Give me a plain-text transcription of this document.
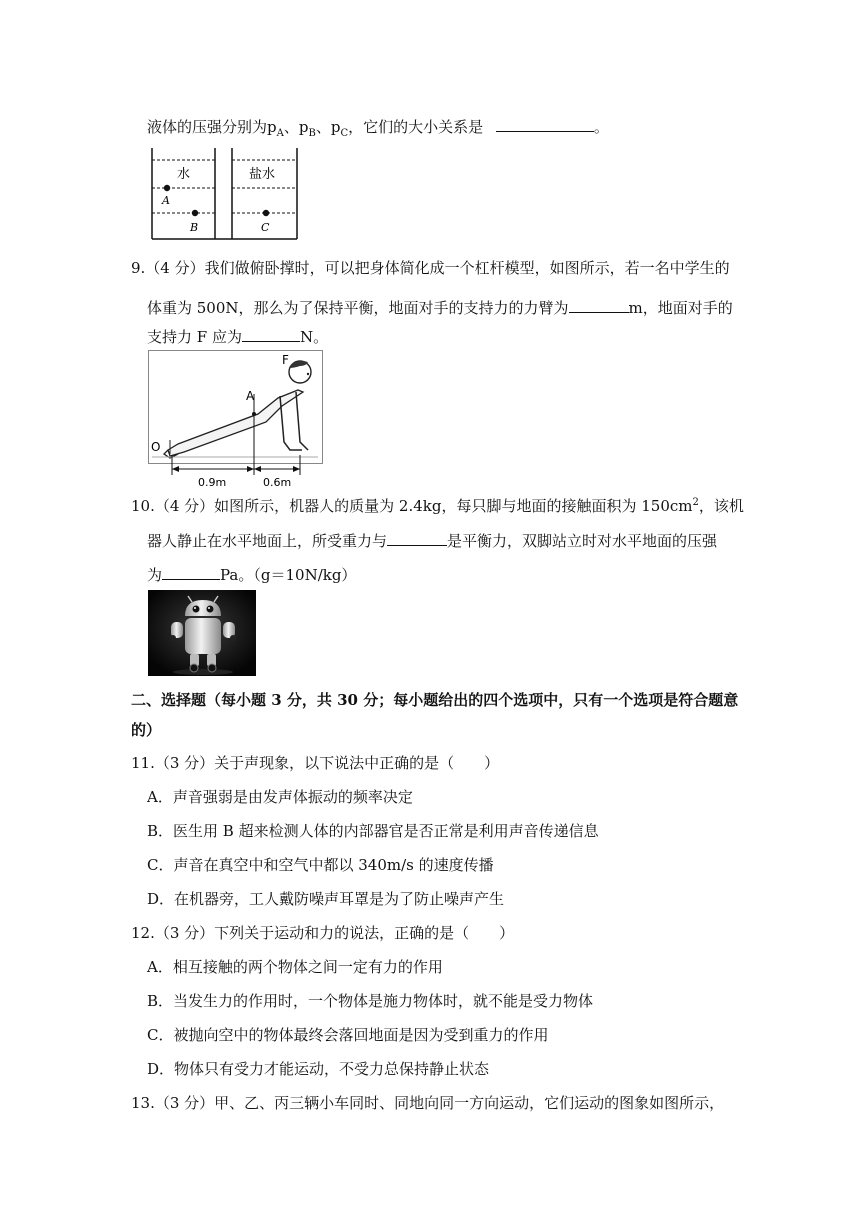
液体的压强分别为$p_A$、$p_B$、$p_C$，它们的大小关系是	。
水	盐水
A
B	C
9.（4 分）我们做俯卧撑时，可以把身体简化成一个杠杆模型，如图所示，若一名中学生的
体重为 500N，那么为了保持平衡，地面对手的支持力的力臂为	m，地面对手的
支持力 F 应为	N。
A
F
O
0.9m	0.6m
10.（4 分）如图所示，机器人的质量为 2.4kg，每只脚与地面的接触面积为 $150cm^2$，该机
器人静止在水平地面上，所受重力与	是平衡力，双脚站立时对水平地面的压强
为	Pa。（g＝10N/kg）
二、选择题（每小题 3 分，共 30 分；每小题给出的四个选项中，只有一个选项是符合题意
的）
11.（3 分）关于声现象，以下说法中正确的是（　　）
A．声音强弱是由发声体振动的频率决定
B．医生用 B 超来检测人体的内部器官是否正常是利用声音传递信息
C．声音在真空中和空气中都以 340m/s 的速度传播
D．在机器旁，工人戴防噪声耳罩是为了防止噪声产生
12.（3 分）下列关于运动和力的说法，正确的是（　　）
A．相互接触的两个物体之间一定有力的作用
B．当发生力的作用时，一个物体是施力物体时，就不能是受力物体
C．被抛向空中的物体最终会落回地面是因为受到重力的作用
D．物体只有受力才能运动，不受力总保持静止状态
13.（3 分）甲、乙、丙三辆小车同时、同地向同一方向运动，它们运动的图象如图所示，
